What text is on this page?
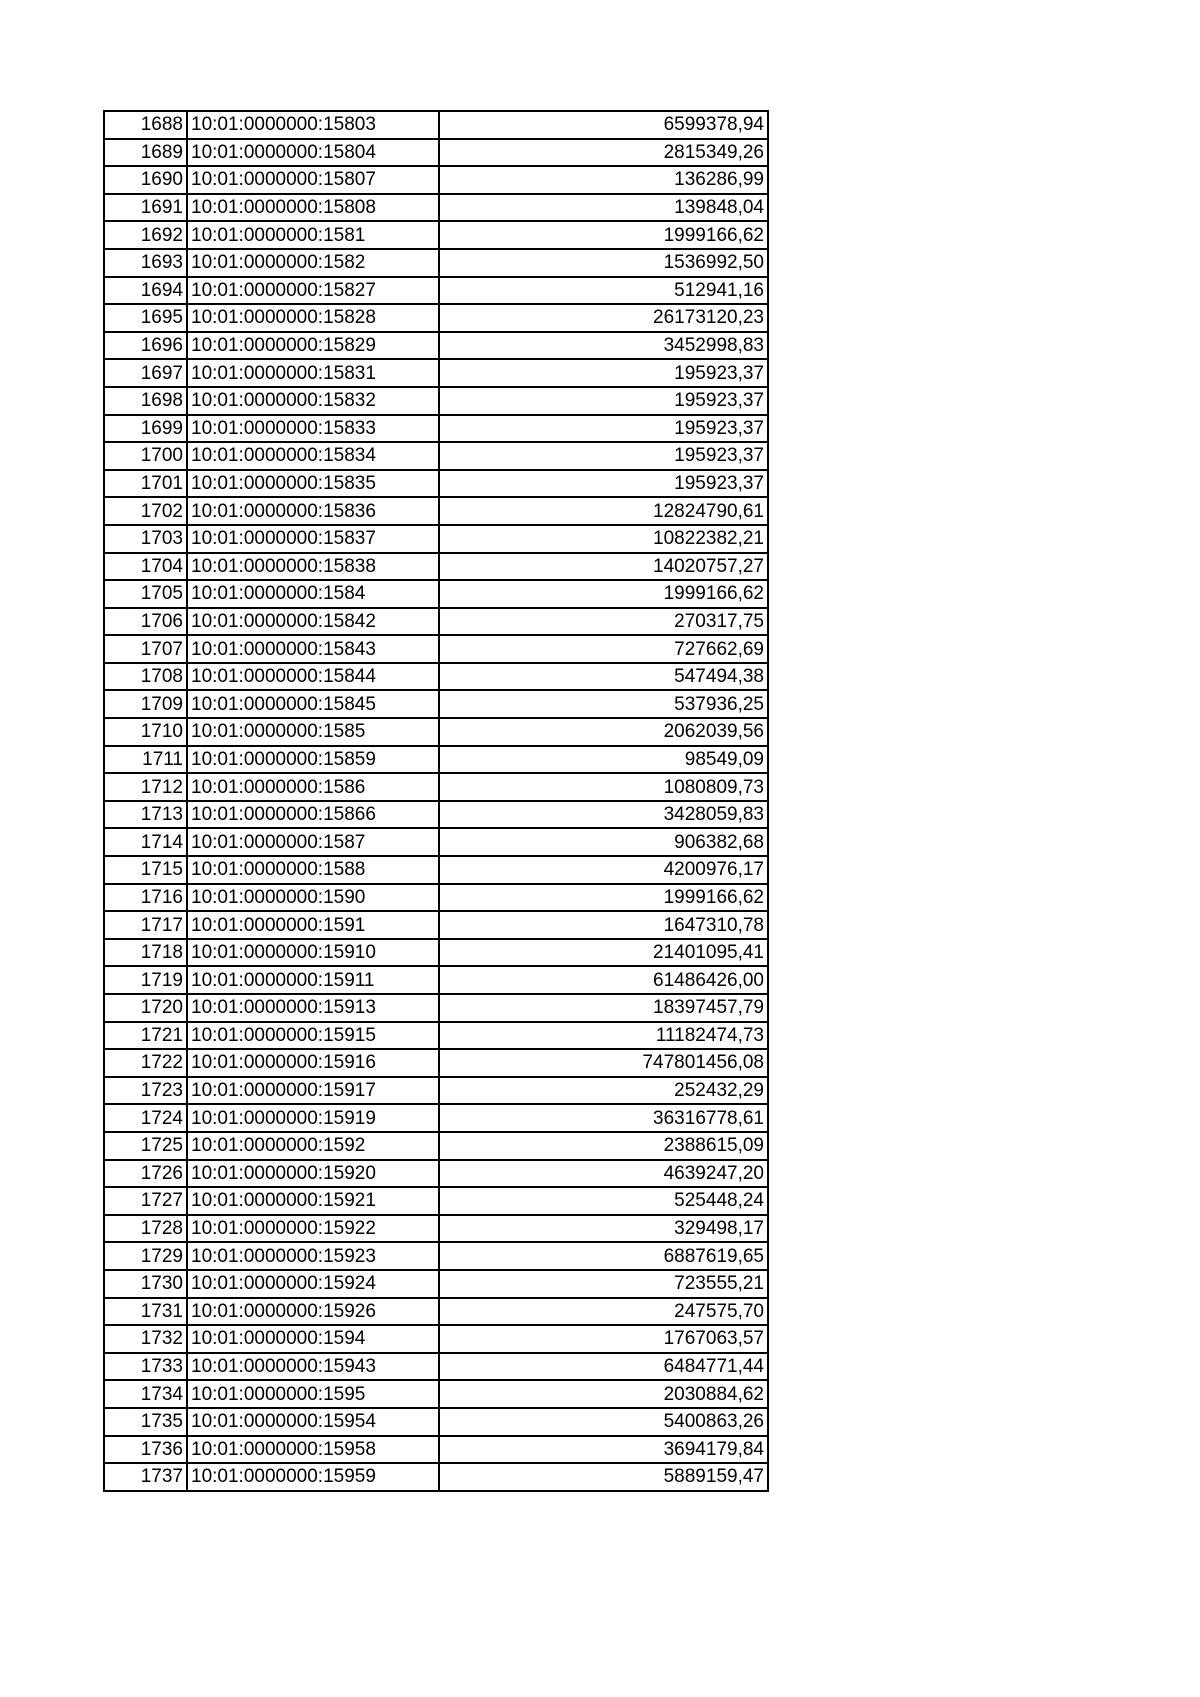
1688	10:01:0000000:15803	6599378,94
1689	10:01:0000000:15804	2815349,26
1690	10:01:0000000:15807	136286,99
1691	10:01:0000000:15808	139848,04
1692	10:01:0000000:1581	1999166,62
1693	10:01:0000000:1582	1536992,50
1694	10:01:0000000:15827	512941,16
1695	10:01:0000000:15828	26173120,23
1696	10:01:0000000:15829	3452998,83
1697	10:01:0000000:15831	195923,37
1698	10:01:0000000:15832	195923,37
1699	10:01:0000000:15833	195923,37
1700	10:01:0000000:15834	195923,37
1701	10:01:0000000:15835	195923,37
1702	10:01:0000000:15836	12824790,61
1703	10:01:0000000:15837	10822382,21
1704	10:01:0000000:15838	14020757,27
1705	10:01:0000000:1584	1999166,62
1706	10:01:0000000:15842	270317,75
1707	10:01:0000000:15843	727662,69
1708	10:01:0000000:15844	547494,38
1709	10:01:0000000:15845	537936,25
1710	10:01:0000000:1585	2062039,56
1711	10:01:0000000:15859	98549,09
1712	10:01:0000000:1586	1080809,73
1713	10:01:0000000:15866	3428059,83
1714	10:01:0000000:1587	906382,68
1715	10:01:0000000:1588	4200976,17
1716	10:01:0000000:1590	1999166,62
1717	10:01:0000000:1591	1647310,78
1718	10:01:0000000:15910	21401095,41
1719	10:01:0000000:15911	61486426,00
1720	10:01:0000000:15913	18397457,79
1721	10:01:0000000:15915	11182474,73
1722	10:01:0000000:15916	747801456,08
1723	10:01:0000000:15917	252432,29
1724	10:01:0000000:15919	36316778,61
1725	10:01:0000000:1592	2388615,09
1726	10:01:0000000:15920	4639247,20
1727	10:01:0000000:15921	525448,24
1728	10:01:0000000:15922	329498,17
1729	10:01:0000000:15923	6887619,65
1730	10:01:0000000:15924	723555,21
1731	10:01:0000000:15926	247575,70
1732	10:01:0000000:1594	1767063,57
1733	10:01:0000000:15943	6484771,44
1734	10:01:0000000:1595	2030884,62
1735	10:01:0000000:15954	5400863,26
1736	10:01:0000000:15958	3694179,84
1737	10:01:0000000:15959	5889159,47
